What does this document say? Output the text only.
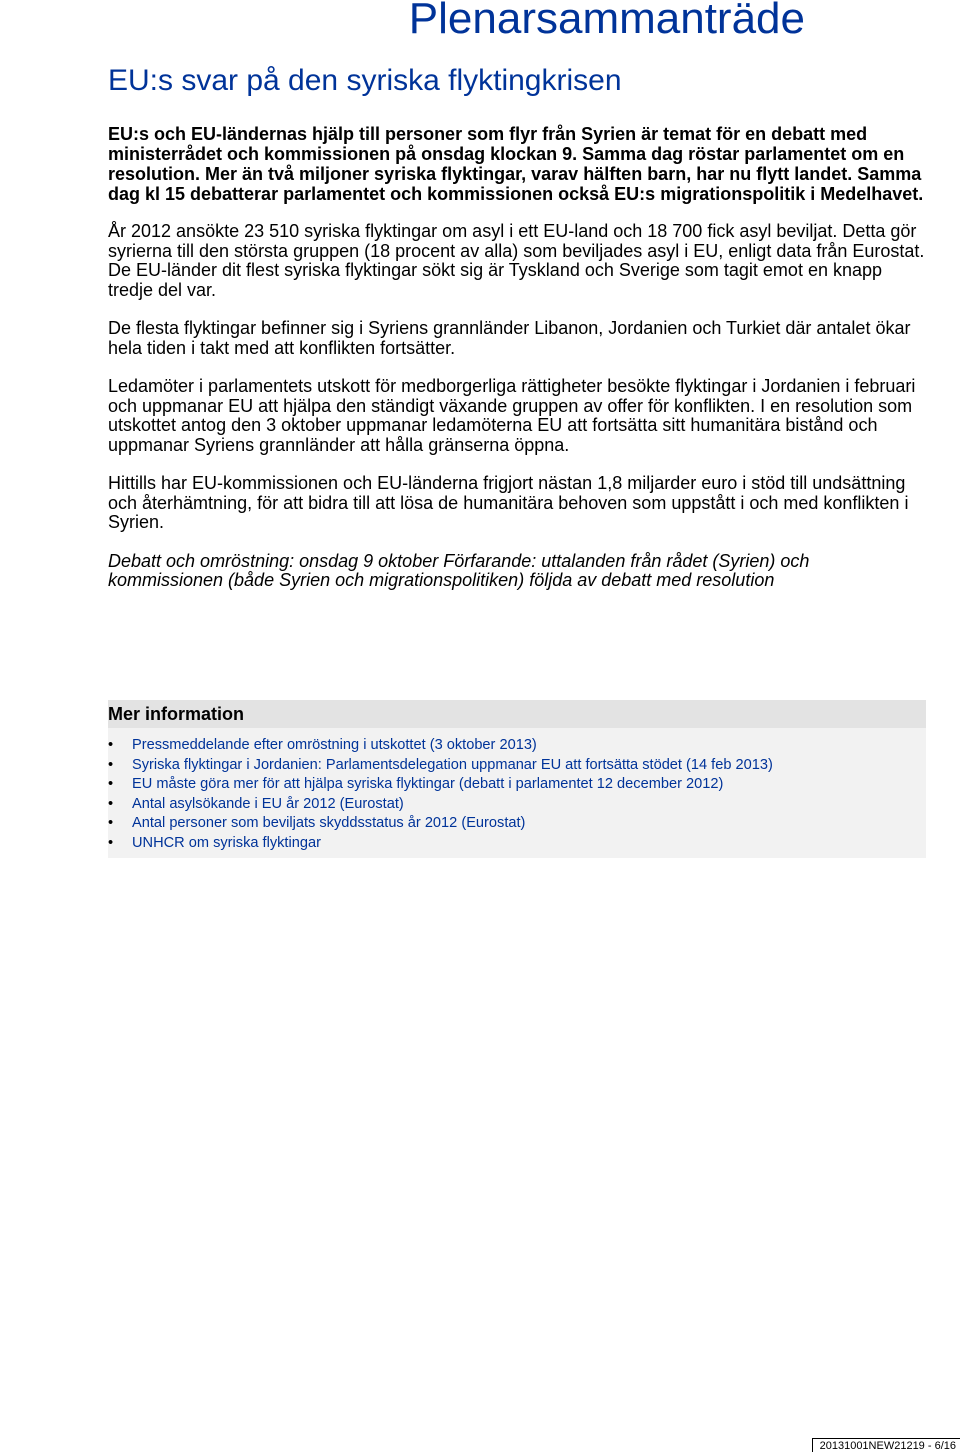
Plenarsammanträde
EU:s svar på den syriska flyktingkrisen

EU:s och EU-ländernas hjälp till personer som flyr från Syrien är temat för en debatt med ministerrådet och kommissionen på onsdag klockan 9. Samma dag röstar parlamentet om en resolution. Mer än två miljoner syriska flyktingar, varav hälften barn, har nu flytt landet. Samma dag kl 15 debatterar parlamentet och kommissionen också EU:s migrationspolitik i Medelhavet.

År 2012 ansökte 23 510 syriska flyktingar om asyl i ett EU-land och 18 700 fick asyl beviljat. Detta gör syrierna till den största gruppen (18 procent av alla) som beviljades asyl i EU, enligt data från Eurostat. De EU-länder dit flest syriska flyktingar sökt sig är Tyskland och Sverige som tagit emot en knapp tredje del var.

De flesta flyktingar befinner sig i Syriens grannländer Libanon, Jordanien och Turkiet där antalet ökar hela tiden i takt med att konflikten fortsätter.

Ledamöter i parlamentets utskott för medborgerliga rättigheter besökte flyktingar i Jordanien i februari och uppmanar EU att hjälpa den ständigt växande gruppen av offer för konflikten. I en resolution som utskottet antog den 3 oktober uppmanar ledamöterna EU att fortsätta sitt humanitära bistånd och uppmanar Syriens grannländer att hålla gränserna öppna.

Hittills har EU-kommissionen och EU-länderna frigjort nästan 1,8 miljarder euro i stöd till undsättning och återhämtning, för att bidra till att lösa de humanitära behoven som uppstått i och med konflikten i Syrien.

Debatt och omröstning: onsdag 9 oktober Förfarande: uttalanden från rådet (Syrien) och kommissionen (både Syrien och migrationspolitiken) följda av debatt med resolution

Mer information
• Pressmeddelande efter omröstning i utskottet (3 oktober 2013)
• Syriska flyktingar i Jordanien: Parlamentsdelegation uppmanar EU att fortsätta stödet (14 feb 2013)
• EU måste göra mer för att hjälpa syriska flyktingar (debatt i parlamentet 12 december 2012)
• Antal asylsökande i EU år 2012 (Eurostat)
• Antal personer som beviljats skyddsstatus år 2012 (Eurostat)
• UNHCR om syriska flyktingar
20131001NEW21219 - 6/16
